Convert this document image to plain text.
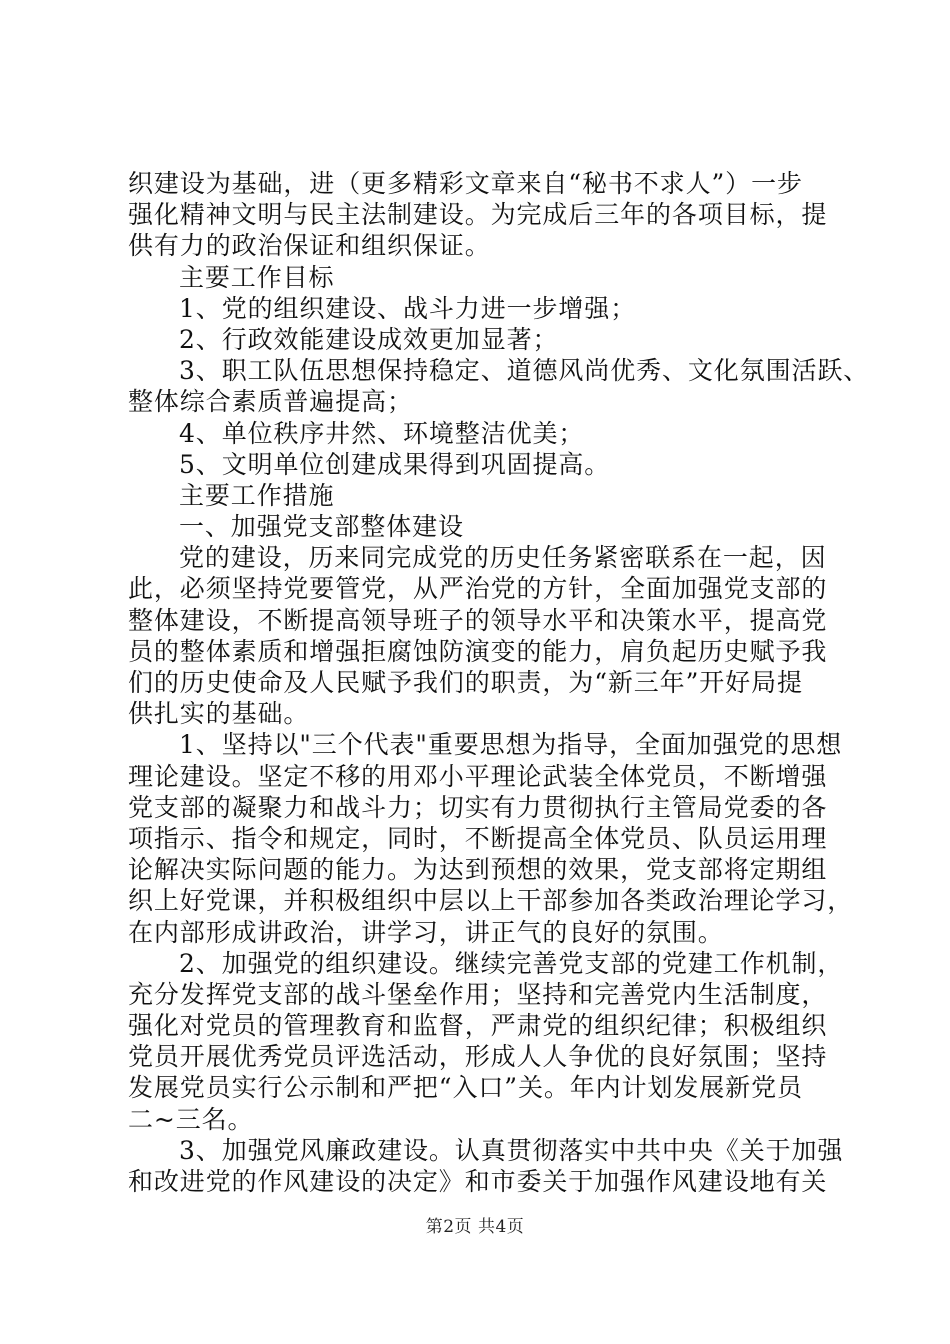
织建设为基础，进（更多精彩文章来自“秘书不求人”）一步
强化精神文明与民主法制建设。为完成后三年的各项目标，提
供有力的政治保证和组织保证。
主要工作目标
1、党的组织建设、战斗力进一步增强；
2、行政效能建设成效更加显著；
3、职工队伍思想保持稳定、道德风尚优秀、文化氛围活跃、
整体综合素质普遍提高；
4、单位秩序井然、环境整洁优美；
5、文明单位创建成果得到巩固提高。
主要工作措施
一、加强党支部整体建设
党的建设，历来同完成党的历史任务紧密联系在一起，因
此，必须坚持党要管党，从严治党的方针，全面加强党支部的
整体建设，不断提高领导班子的领导水平和决策水平，提高党
员的整体素质和增强拒腐蚀防演变的能力，肩负起历史赋予我
们的历史使命及人民赋予我们的职责，为“新三年”开好局提
供扎实的基础。
1、坚持以"三个代表"重要思想为指导，全面加强党的思想
理论建设。坚定不移的用邓小平理论武装全体党员，不断增强
党支部的凝聚力和战斗力；切实有力贯彻执行主管局党委的各
项指示、指令和规定，同时，不断提高全体党员、队员运用理
论解决实际问题的能力。为达到预想的效果，党支部将定期组
织上好党课，并积极组织中层以上干部参加各类政治理论学习，
在内部形成讲政治，讲学习，讲正气的良好的氛围。
2、加强党的组织建设。继续完善党支部的党建工作机制，
充分发挥党支部的战斗堡垒作用；坚持和完善党内生活制度，
强化对党员的管理教育和监督，严肃党的组织纪律；积极组织
党员开展优秀党员评选活动，形成人人争优的良好氛围；坚持
发展党员实行公示制和严把“入口”关。年内计划发展新党员
二~三名。
3、加强党风廉政建设。认真贯彻落实中共中央《关于加强
和改进党的作风建设的决定》和市委关于加强作风建设地有关
第2页 共4页
